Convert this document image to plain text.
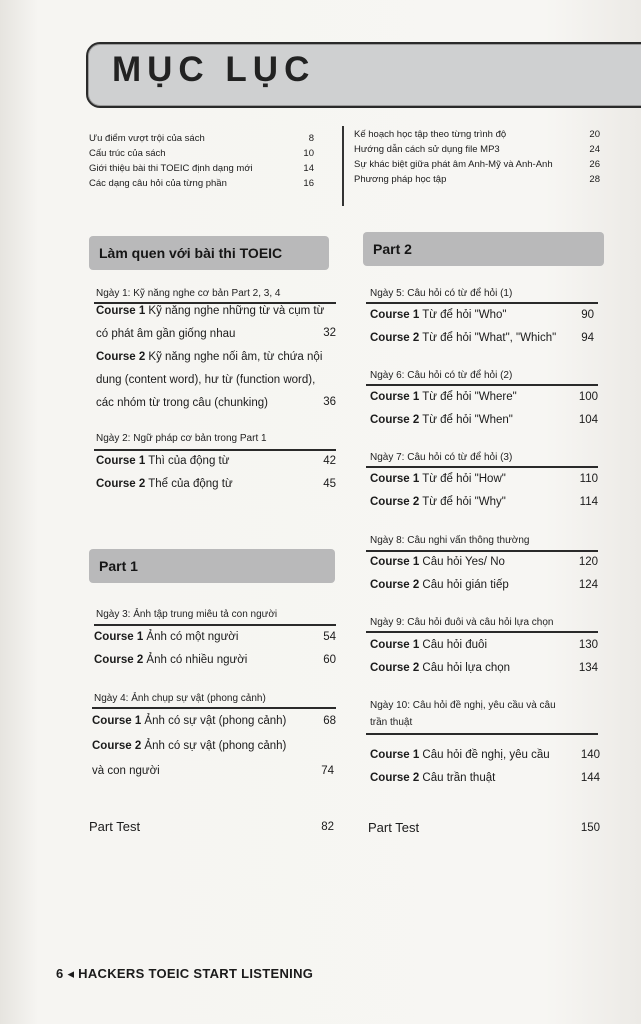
MỤC LỤC
Ưu điểm vượt trội của sách	8
Cấu trúc của sách	10
Giới thiệu bài thi TOEIC định dạng mới	14
Các dạng câu hỏi của từng phần	16
Kế hoạch học tập theo từng trình độ	20
Hướng dẫn cách sử dụng file MP3	24
Sự khác biệt giữa phát âm Anh-Mỹ và Anh-Anh	26
Phương pháp học tập	28
Làm quen với bài thi TOEIC
Ngày 1: Kỹ năng nghe cơ bản Part 2, 3, 4
Course 1 Kỹ năng nghe những từ và cụm từ
có phát âm gần giống nhau	32
Course 2 Kỹ năng nghe nối âm, từ chứa nội
dung (content word), hư từ (function word),
các nhóm từ trong câu (chunking)	36
Ngày 2: Ngữ pháp cơ bản trong Part 1
Course 1 Thì của động từ	42
Course 2 Thể của động từ	45
Part 1
Ngày 3: Ảnh tập trung miêu tả con người
Course 1 Ảnh có một người	54
Course 2 Ảnh có nhiều người	60
Ngày 4: Ảnh chụp sự vật (phong cảnh)
Course 1 Ảnh có sự vật (phong cảnh)	68
Course 2 Ảnh có sự vật (phong cảnh)
và con người	74
Part Test	82
Part 2
Ngày 5: Câu hỏi có từ để hỏi (1)
Course 1 Từ để hỏi "Who"	90
Course 2 Từ để hỏi "What", "Which"	94
Ngày 6: Câu hỏi có từ để hỏi (2)
Course 1 Từ để hỏi "Where"	100
Course 2 Từ để hỏi "When"	104
Ngày 7: Câu hỏi có từ để hỏi (3)
Course 1 Từ để hỏi "How"	110
Course 2 Từ để hỏi "Why"	114
Ngày 8: Câu nghi vấn thông thường
Course 1 Câu hỏi Yes/ No	120
Course 2 Câu hỏi gián tiếp	124
Ngày 9: Câu hỏi đuôi và câu hỏi lựa chọn
Course 1 Câu hỏi đuôi	130
Course 2 Câu hỏi lựa chọn	134
Ngày 10: Câu hỏi đề nghị, yêu cầu và câu
trần thuật
Course 1 Câu hỏi đề nghị, yêu cầu	140
Course 2 Câu trần thuật	144
Part Test	150
6 ◂ HACKERS TOEIC START LISTENING
